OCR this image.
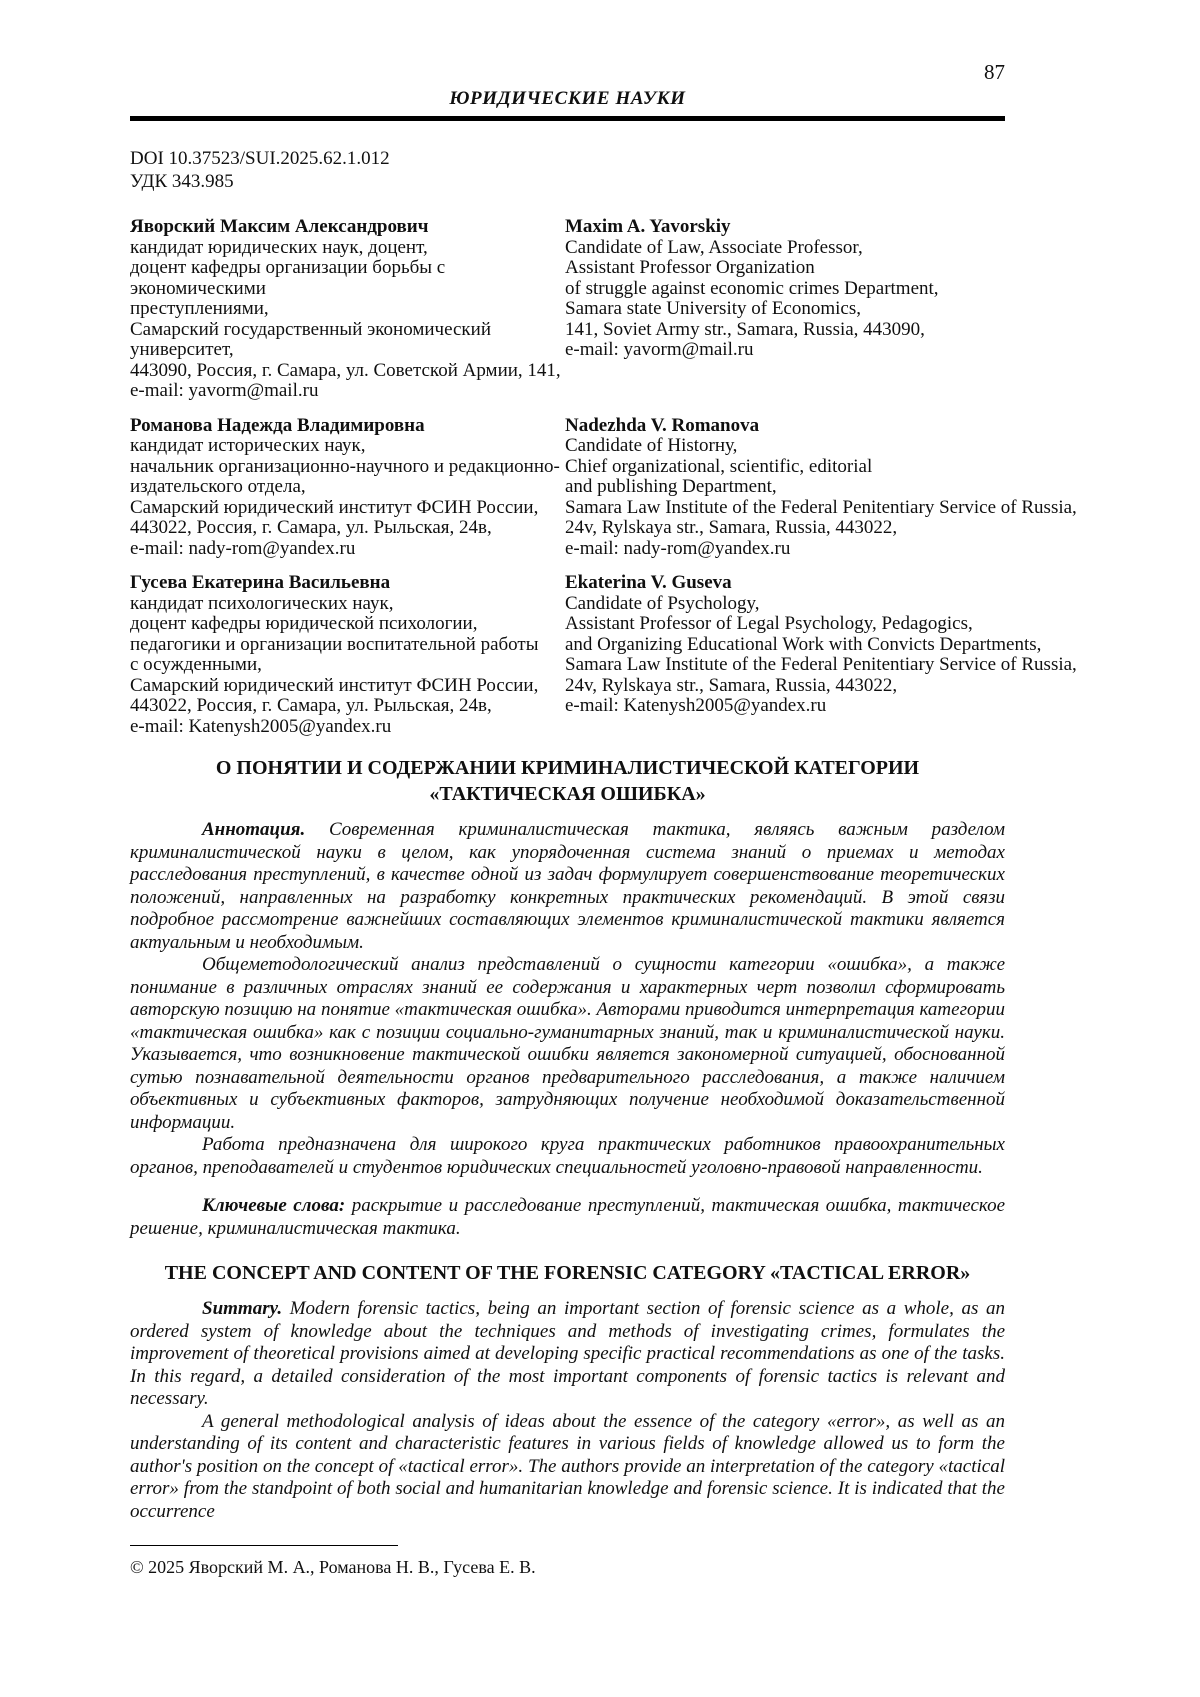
87
ЮРИДИЧЕСКИЕ НАУКИ
DOI 10.37523/SUI.2025.62.1.012
УДК 343.985
Яворский Максим Александрович
кандидат юридических наук, доцент,
доцент кафедры организации борьбы с экономическими
преступлениями,
Самарский государственный экономический
университет,
443090, Россия, г. Самара, ул. Советской Армии, 141,
e-mail: yavorm@mail.ru
Maxim A. Yavorskiy
Candidate of Law, Associate Professor,
Assistant Professor Organization
of struggle against economic crimes Department,
Samara state University of Economics,
141, Soviet Army str., Samara, Russia, 443090,
e-mail: yavorm@mail.ru
Романова Надежда Владимировна
кандидат исторических наук,
начальник организационно-научного и редакционно-
издательского отдела,
Самарский юридический институт ФСИН России,
443022, Россия, г. Самара, ул. Рыльская, 24в,
e-mail: nady-rom@yandex.ru
Nadezhda V. Romanova
Candidate of Historну,
Chief organizational, scientific, editorial
and publishing Department,
Samara Law Institute of the Federal Penitentiary Service of Russia,
24v, Rylskaya str., Samara, Russia, 443022,
e-mail: nady-rom@yandex.ru
Гусева Екатерина Васильевна
кандидат психологических наук,
доцент кафедры юридической психологии,
педагогики и организации воспитательной работы
с осужденными,
Самарский юридический институт ФСИН России,
443022, Россия, г. Самара, ул. Рыльская, 24в,
e-mail: Katenysh2005@yandex.ru
Ekaterina V. Guseva
Candidate of Psychology,
Assistant Professor of Legal Psychology, Pedagogics,
and Organizing Educational Work with Convicts Departments,
Samara Law Institute of the Federal Penitentiary Service of Russia,
24v, Rylskaya str., Samara, Russia, 443022,
e-mail: Katenysh2005@yandex.ru
О ПОНЯТИИ И СОДЕРЖАНИИ КРИМИНАЛИСТИЧЕСКОЙ КАТЕГОРИИ
«ТАКТИЧЕСКАЯ ОШИБКА»

Аннотация. Современная криминалистическая тактика, являясь важным разделом криминалистической науки в целом, как упорядоченная система знаний о приемах и методах расследования преступлений, в качестве одной из задач формулирует совершенствование теоретических положений, направленных на разработку конкретных практических рекомендаций. В этой связи подробное рассмотрение важнейших составляющих элементов криминалистической тактики является актуальным и необходимым.

Общеметодологический анализ представлений о сущности категории «ошибка», а также понимание в различных отраслях знаний ее содержания и характерных черт позволил сформировать авторскую позицию на понятие «тактическая ошибка». Авторами приводится интерпретация категории «тактическая ошибка» как с позиции социально-гуманитарных знаний, так и криминалистической науки. Указывается, что возникновение тактической ошибки является закономерной ситуацией, обоснованной сутью познавательной деятельности органов предварительного расследования, а также наличием объективных и субъективных факторов, затрудняющих получение необходимой доказательственной информации.

Работа предназначена для широкого круга практических работников правоохранительных органов, преподавателей и студентов юридических специальностей уголовно-правовой направленности.

Ключевые слова: раскрытие и расследование преступлений, тактическая ошибка, тактическое решение, криминалистическая тактика.

THE CONCEPT AND CONTENT OF THE FORENSIC CATEGORY «TACTICAL ERROR»

Summary. Modern forensic tactics, being an important section of forensic science as a whole, as an ordered system of knowledge about the techniques and methods of investigating crimes, formulates the improvement of theoretical provisions aimed at developing specific practical recommendations as one of the tasks. In this regard, a detailed consideration of the most important components of forensic tactics is relevant and necessary.

A general methodological analysis of ideas about the essence of the category «error», as well as an understanding of its content and characteristic features in various fields of knowledge allowed us to form the author's position on the concept of «tactical error». The authors provide an interpretation of the category «tactical error» from the standpoint of both social and humanitarian knowledge and forensic science. It is indicated that the occurrence

© 2025 Яворский М. А., Романова Н. В., Гусева Е. В.
